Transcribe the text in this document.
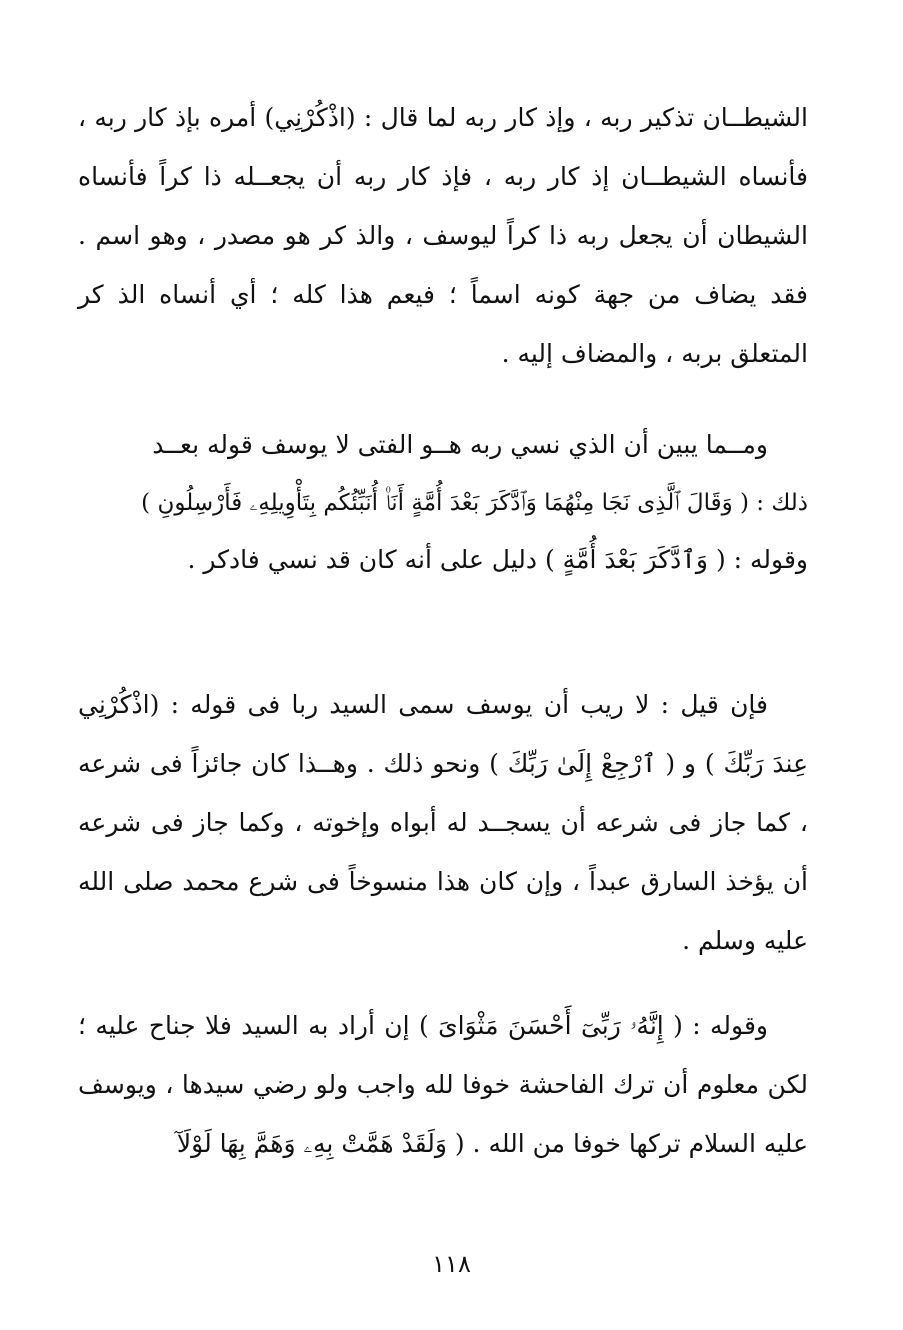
الشيطــان تذكير ربه ، وإذ كار ربه لما قال : (اذْكُرْنِي) أمره بإذ كار ربه ، فأنساه الشيطــان إذ كار ربه ، فإذ كار ربه أن يجعــله ذا كراً فأنساه الشيطان أن يجعل ربه ذا كراً ليوسف ، والذ كر هو مصدر ، وهو اسم . فقد يضاف من جهة كونه اسماً ؛ فيعم هذا كله ؛ أي أنساه الذ كر المتعلق بربه ، والمضاف إليه .

ومــما يبين أن الذي نسي ربه هــو الفتى لا يوسف قوله بعــد
ذلك : ( وَقَالَ ٱلَّذِى نَجَا مِنْهُمَا وَٱدَّكَرَ بَعْدَ أُمَّةٍ أَنَا۠ أُنَبِّئُكُم بِتَأْوِيلِهِۦ فَأَرْسِلُونِ )
وقوله : ( وَٱدَّكَرَ بَعْدَ أُمَّةٍ ) دليل على أنه كان قد نسي فادكر .

فإن قيل : لا ريب أن يوسف سمى السيد ربا فى قوله : (اذْكُرْنِي عِندَ رَبِّكَ ) و ( ٱرْجِعْ إِلَىٰ رَبِّكَ ) ونحو ذلك . وهــذا كان جائزاً فى شرعه ، كما جاز فى شرعه أن يسجــد له أبواه وإخوته ، وكما جاز فى شرعه أن يؤخذ السارق عبداً ، وإن كان هذا منسوخاً فى شرع محمد صلى الله عليه وسلم .

وقوله : ( إِنَّهُۥ رَبِّىٓ أَحْسَنَ مَثْوَاىَ ) إن أراد به السيد فلا جناح عليه ؛ لكن معلوم أن ترك الفاحشة خوفا لله واجب ولو رضي سيدها ، ويوسف عليه السلام تركها خوفا من الله . ( وَلَقَدْ هَمَّتْ بِهِۦ وَهَمَّ بِهَا لَوْلَآ

١١٨
